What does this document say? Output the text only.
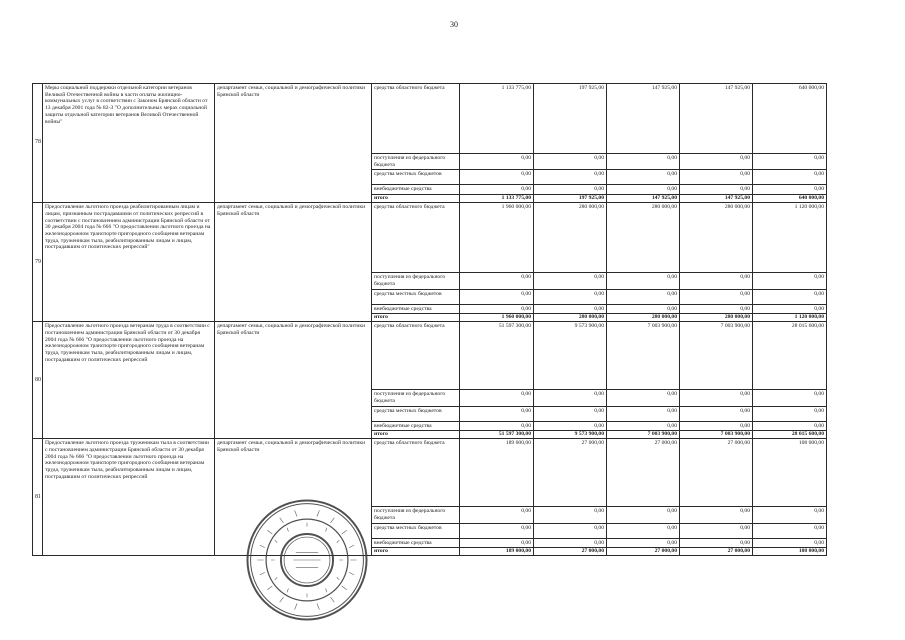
30
78	Меры социальной поддержки отдельной категории ветеранов Великой Отечественной войны в части оплаты жилищно-коммунальных услуг в соответствии с Законом Брянской области от 13 декабря 2001 года № 82-З "О дополнительных мерах социальной защиты отдельной категории ветеранов Великой Отечественной войны"	департамент семьи, социальной и демографической политики Брянской области	средства областного бюджета	1 133 775,00	197 925,00	147 925,00	147 925,00	640 000,00
			поступления из федерального бюджета	0,00	0,00	0,00	0,00	0,00
			средства местных бюджетов	0,00	0,00	0,00	0,00	0,00
			внебюджетные средства	0,00	0,00	0,00	0,00	0,00
			итого	1 133 775,00	197 925,00	147 925,00	147 925,00	640 000,00
79	Предоставление льготного проезда реабилитированным лицам и лицам, признанным пострадавшими от политических репрессий в соответствии с постановлением администрации Брянской области от 30 декабря 2004 года № 666 "О предоставлении льготного проезда на железнодорожном транспорте пригородного сообщения ветеранам труда, труженикам тыла, реабилитированным лицам и лицам, пострадавшим от политических репрессий"	департамент семьи, социальной и демографической политики Брянской области	средства областного бюджета	1 960 000,00	280 000,00	280 000,00	280 000,00	1 120 000,00
			поступления из федерального бюджета	0,00	0,00	0,00	0,00	0,00
			средства местных бюджетов	0,00	0,00	0,00	0,00	0,00
			внебюджетные средства	0,00	0,00	0,00	0,00	0,00
			итого	1 960 000,00	280 000,00	280 000,00	280 000,00	1 120 000,00
80	Предоставление льготного проезда ветеранам труда в соответствии с постановлением администрации Брянской области от 30 декабря 2004 года № 666 "О предоставлении льготного проезда на железнодорожном транспорте пригородного сообщения ветеранам труда, труженикам тыла, реабилитированным лицам и лицам, пострадавшим от политических репрессий	департамент семьи, социальной и демографической политики Брянской области	средства областного бюджета	51 597 300,00	9 573 900,00	7 003 900,00	7 003 900,00	28 015 600,00
			поступления из федерального бюджета	0,00	0,00	0,00	0,00	0,00
			средства местных бюджетов	0,00	0,00	0,00	0,00	0,00
			внебюджетные средства	0,00	0,00	0,00	0,00	0,00
			итого	51 597 300,00	9 573 900,00	7 003 900,00	7 003 900,00	28 015 600,00
81	Предоставление льготного проезда труженикам тыла в соответствии с постановлением администрации Брянской области от 30 декабря 2004 года № 666 "О предоставлении льготного проезда на железнодорожном транспорте пригородного сообщения ветеранам труда, труженикам тыла, реабилитированным лицам и лицам, пострадавшим от политических репрессий	департамент семьи, социальной и демографической политики Брянской области	средства областного бюджета	189 000,00	27 000,00	27 000,00	27 000,00	108 000,00
			поступления из федерального бюджета	0,00	0,00	0,00	0,00	0,00
			средства местных бюджетов	0,00	0,00	0,00	0,00	0,00
			внебюджетные средства	0,00	0,00	0,00	0,00	0,00
			итого	189 000,00	27 000,00	27 000,00	27 000,00	108 000,00
